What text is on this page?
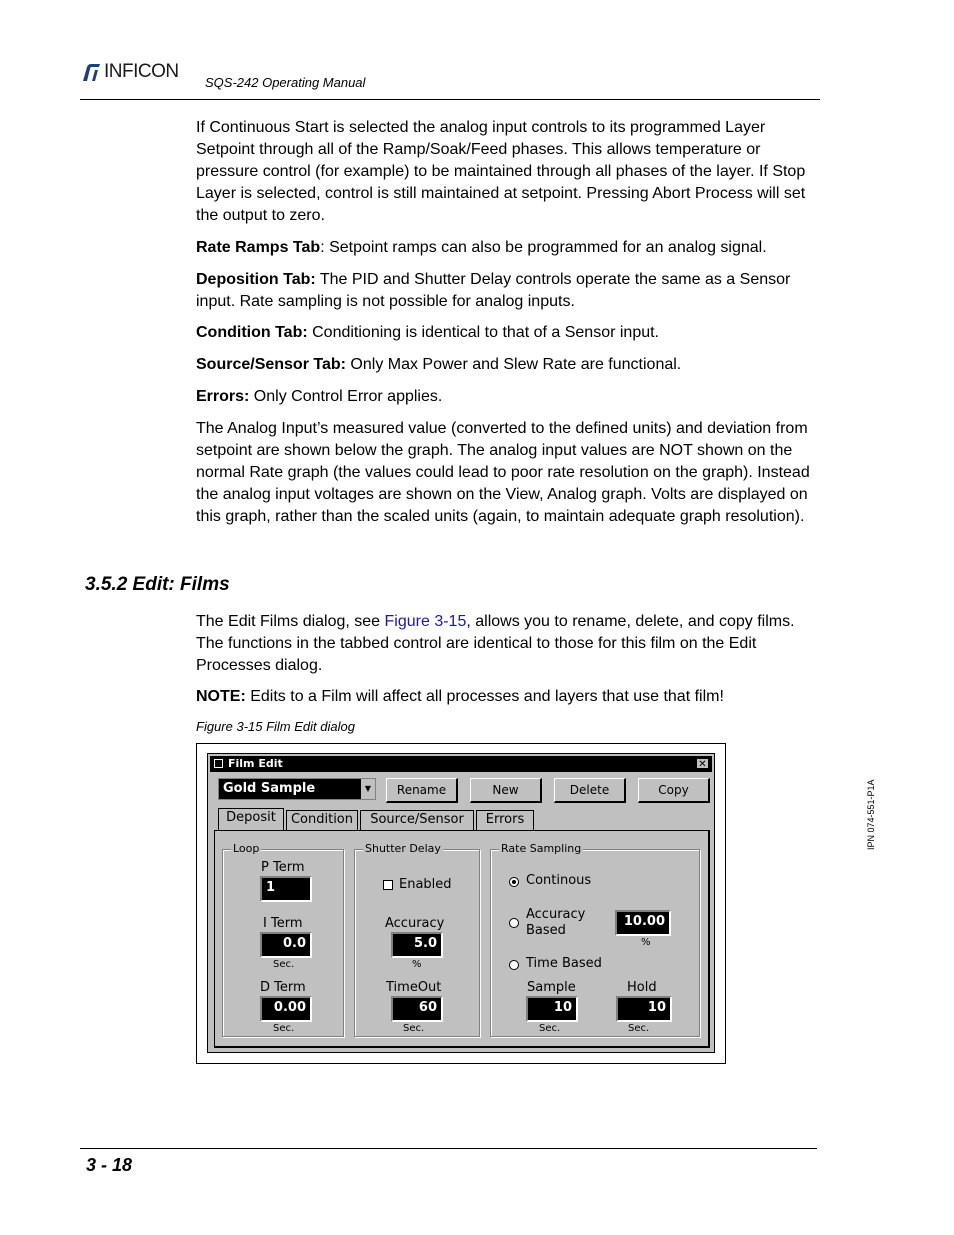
INFICON
SQS-242 Operating Manual

If Continuous Start is selected the analog input controls to its programmed Layer Setpoint through all of the Ramp/Soak/Feed phases. This allows temperature or pressure control (for example) to be maintained through all phases of the layer. If Stop Layer is selected, control is still maintained at setpoint. Pressing Abort Process will set the output to zero.

Rate Ramps Tab: Setpoint ramps can also be programmed for an analog signal.

Deposition Tab: The PID and Shutter Delay controls operate the same as a Sensor input. Rate sampling is not possible for analog inputs.

Condition Tab: Conditioning is identical to that of a Sensor input.

Source/Sensor Tab: Only Max Power and Slew Rate are functional.

Errors: Only Control Error applies.

The Analog Input’s measured value (converted to the defined units) and deviation from setpoint are shown below the graph. The analog input values are NOT shown on the normal Rate graph (the values could lead to poor rate resolution on the graph). Instead the analog input voltages are shown on the View, Analog graph. Volts are displayed on this graph, rather than the scaled units (again, to maintain adequate graph resolution).

3.5.2 Edit: Films

The Edit Films dialog, see Figure 3-15, allows you to rename, delete, and copy films. The functions in the tabbed control are identical to those for this film on the Edit Processes dialog.

NOTE: Edits to a Film will affect all processes and layers that use that film!

Figure 3-15 Film Edit dialog
Film Edit	✕
Gold Sample	▼	Rename	New	Delete	Copy
Deposit	Condition	Source/Sensor	Errors
Loop
P Term
1
I Term
0.0
Sec.
D Term
0.00
Sec.
Shutter Delay
Enabled
Accuracy
5.0
%
TimeOut
60
Sec.
Rate Sampling
Continous
Accuracy
Based
10.00
%
Time Based
Sample
10
Sec.
Hold
10
Sec.
IPN 074-551-P1A
3 - 18
